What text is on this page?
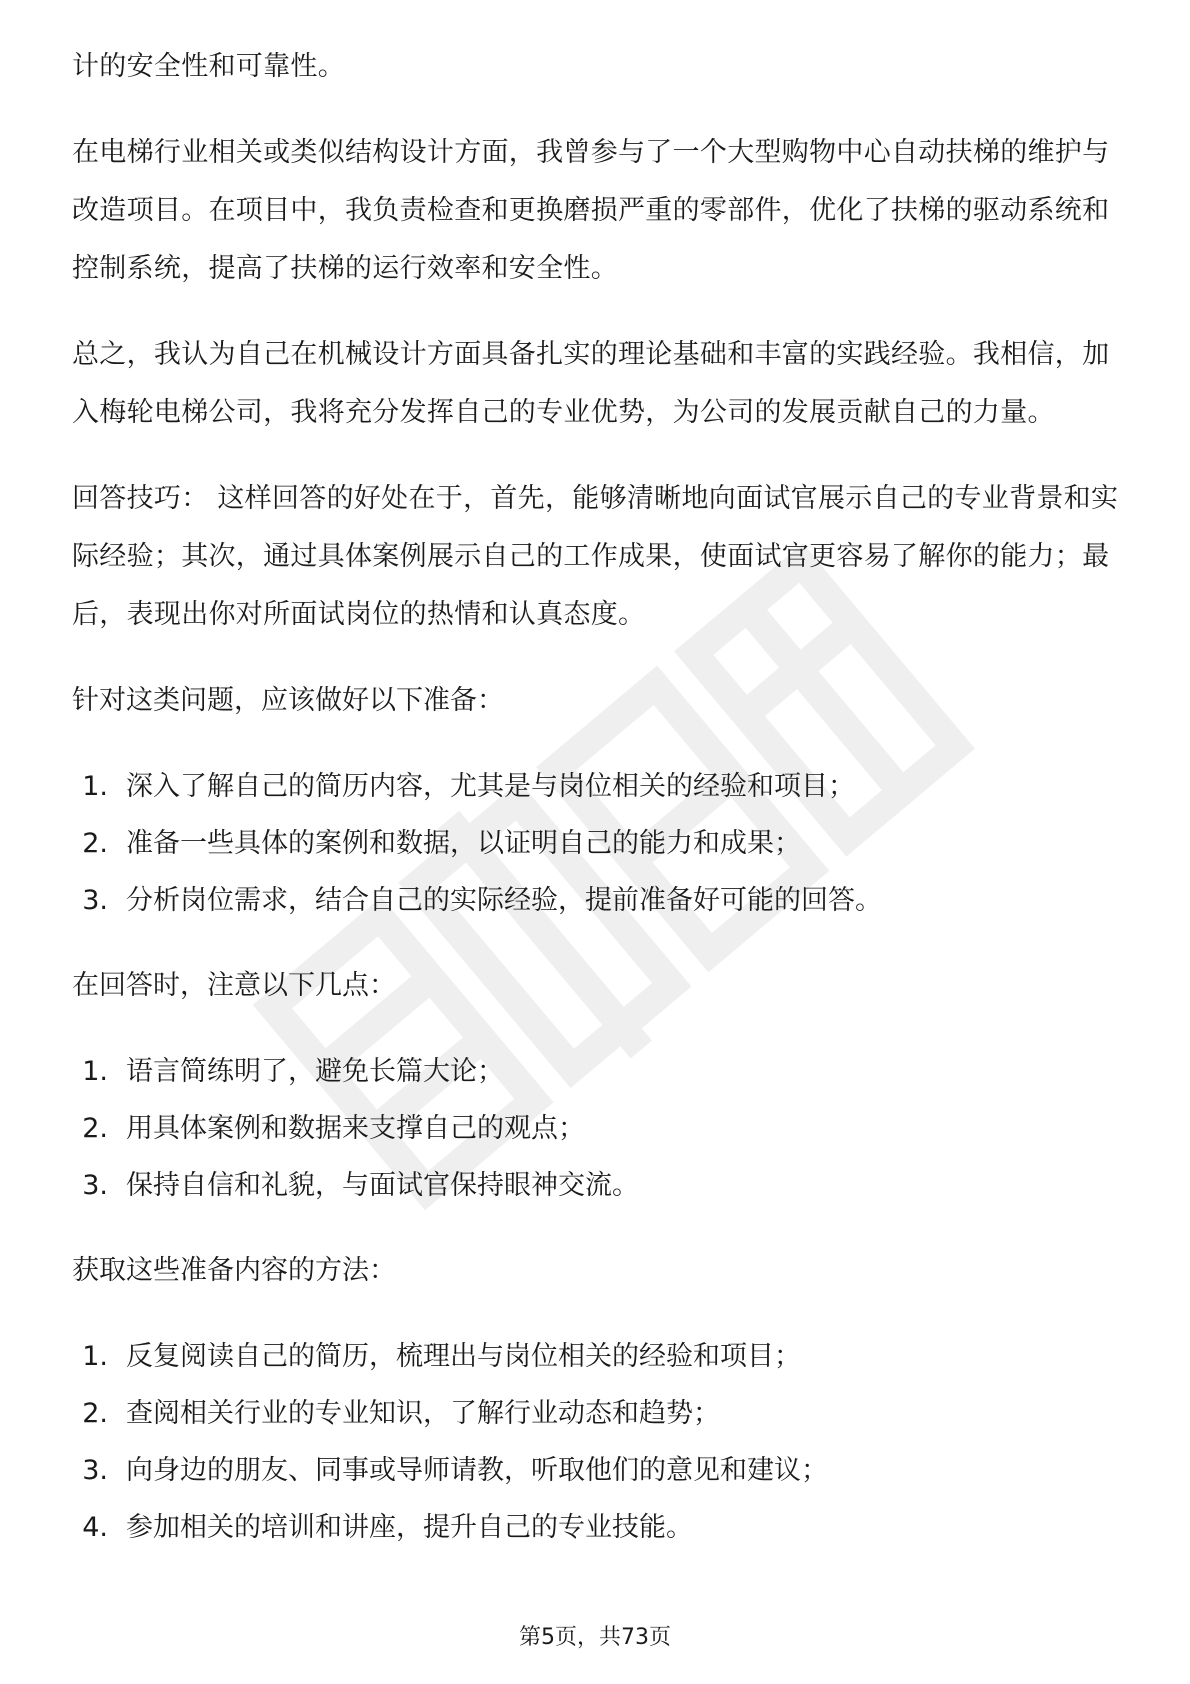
计的安全性和可靠性。

在电梯行业相关或类似结构设计方面，我曾参与了一个大型购物中心自动扶梯的维护与改造项目。在项目中，我负责检查和更换磨损严重的零部件，优化了扶梯的驱动系统和控制系统，提高了扶梯的运行效率和安全性。

总之，我认为自己在机械设计方面具备扎实的理论基础和丰富的实践经验。我相信，加入梅轮电梯公司，我将充分发挥自己的专业优势，为公司的发展贡献自己的力量。

回答技巧： 这样回答的好处在于，首先，能够清晰地向面试官展示自己的专业背景和实际经验；其次，通过具体案例展示自己的工作成果，使面试官更容易了解你的能力；最后，表现出你对所面试岗位的热情和认真态度。

针对这类问题，应该做好以下准备：

1. 深入了解自己的简历内容，尤其是与岗位相关的经验和项目；
2. 准备一些具体的案例和数据，以证明自己的能力和成果；
3. 分析岗位需求，结合自己的实际经验，提前准备好可能的回答。

在回答时，注意以下几点：

1. 语言简练明了，避免长篇大论；
2. 用具体案例和数据来支撑自己的观点；
3. 保持自信和礼貌，与面试官保持眼神交流。

获取这些准备内容的方法：

1. 反复阅读自己的简历，梳理出与岗位相关的经验和项目；
2. 查阅相关行业的专业知识，了解行业动态和趋势；
3. 向身边的朋友、同事或导师请教，听取他们的意见和建议；
4. 参加相关的培训和讲座，提升自己的专业技能。
第5页，共73页
